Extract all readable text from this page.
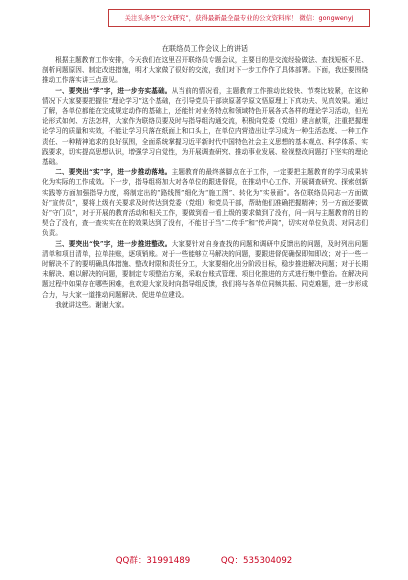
关注头条号“公文研究”，获得最新最全最专业的公文资料库！ 微信：gongwenyj
在联络员工作会议上的讲话

根据主题教育工作安排，今天我们在这里召开联络员专题会议，主要目的是交流经验做法、查找短板不足、剖析问题原因、制定改进措施，明才大家做了很好的交流，我们对下一步工作作了具体部署。下面，我还要围绕推动工作落实讲三点意见。

一、要突出“学”字，进一步夯实基础。从当前的情况看，主题教育工作推动比较快、节奏比较紧，在这种情况下大家要要把握住“理论学习”这个基础，在引导党员干部读原著学原文悟原理上下真功夫、见真效果。通过了解，各单位都能在完成规定动作的基础上，还能针对业务特点和领域特色开展各式各样的理论学习活动，但光论形式如何、方法怎样，大家作为联络员要及时与指导组沟通交流，积极向党委（党组）建言献策，注重把握理论学习的质量和实效，不能让学习只落在纸面上和口头上，在单位内营造出让学习成为一种生活态度、一种工作责任、一种精神追求的良好氛围，全面系统掌握习近平新时代中国特色社会主义思想的基本观点、科学体系、实践要求，切实提高思想认识，增强学习自觉性，为开展调查研究、推动事业发展、检视整改问题打下坚实的理论基础。

二、要突出“实”字，进一步推动落地。主题教育的最终落脚点在于工作，一定要把主题教育的学习成果转化为实际的工作成效。下一步，指导组将加大对各单位的跟进督促，在推动中心工作、开展调查研究、探索创新实践等方面加强指导力度，将制定出的“路线图”细化为“施工图”、转化为“实景画”。各位联络员同志一方面做好“宣传员”，要将上级有关要求及时传达到党委（党组）和党员干部，帮助他们准确把握精神；另一方面还要做好“守门员”，对于开展的教育活动和相关工作，要做到看一看上级的要求做到了没有，问一问与主题教育的目的契合了没有，查一查实实在在的效果达到了没有，不能甘于当“二传手”和“传声筒”，切实对单位负责、对同志们负责。

三、要突出“快”字，进一步推进整改。大家要针对自身查找的问题和调研中反馈出的问题，及时列出问题清单和项目清单，拉单挂账，逐项销账。对于一些能够立马解决的问题，要跟进督促确保即知即改；对于一些一时解决不了的要明确具体措施、整改时限和责任分工，大家要细化出分阶段目标，稳步推进解决问题；对于长期未解决、难以解决的问题，要制定专项整治方案，采取台账式管理、项目化推进的方式进行集中整治。在解决问题过程中如果存在哪些困难，也欢迎大家及时向指导组反馈，我们将与各单位同频共振、同克难题，进一步形成合力，与大家一道推动问题解决、促进单位建设。

我就讲这些。谢谢大家。

QQ群：31991489	QQ：535304092
